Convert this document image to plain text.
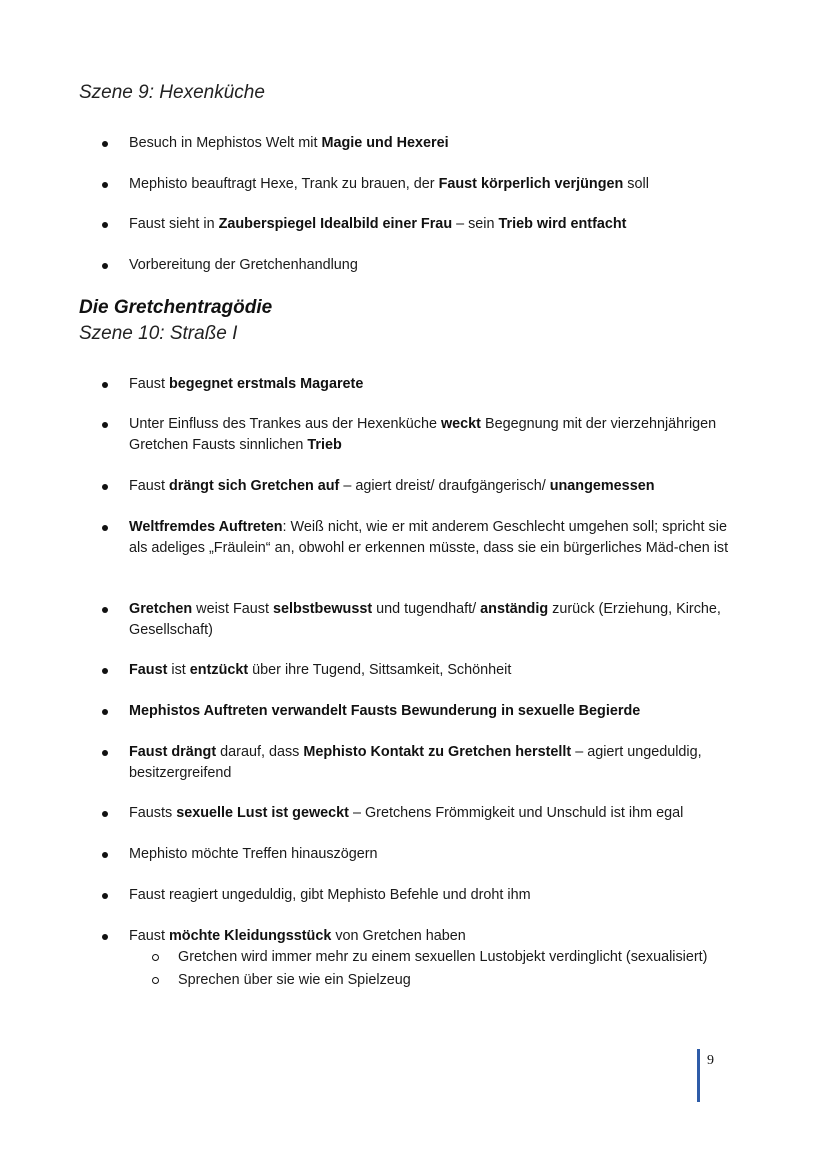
Szene 9: Hexenküche
Besuch in Mephistos Welt mit Magie und Hexerei
Mephisto beauftragt Hexe, Trank zu brauen, der Faust körperlich verjüngen soll
Faust sieht in Zauberspiegel Idealbild einer Frau – sein Trieb wird entfacht
Vorbereitung der Gretchenhandlung
Die Gretchentragödie
Szene 10: Straße I
Faust begegnet erstmals Magarete
Unter Einfluss des Trankes aus der Hexenküche weckt Begegnung mit der vierzehnjährigen Gretchen Fausts sinnlichen Trieb
Faust drängt sich Gretchen auf – agiert dreist/ draufgängerisch/ unangemessen
Weltfremdes Auftreten: Weiß nicht, wie er mit anderem Geschlecht umgehen soll; spricht sie als adeliges „Fräulein“ an, obwohl er erkennen müsste, dass sie ein bürgerliches Mäd-chen ist
Gretchen weist Faust selbstbewusst und tugendhaft/ anständig zurück (Erziehung, Kirche, Gesellschaft)
Faust ist entzückt über ihre Tugend, Sittsamkeit, Schönheit
Mephistos Auftreten verwandelt Fausts Bewunderung in sexuelle Begierde
Faust drängt darauf, dass Mephisto Kontakt zu Gretchen herstellt – agiert ungeduldig, besitzergreifend
Fausts sexuelle Lust ist geweckt – Gretchens Frömmigkeit und Unschuld ist ihm egal
Mephisto möchte Treffen hinauszögern
Faust reagiert ungeduldig, gibt Mephisto Befehle und droht ihm
Faust möchte Kleidungsstück von Gretchen haben
Gretchen wird immer mehr zu einem sexuellen Lustobjekt verdinglicht (sexualisiert)
Sprechen über sie wie ein Spielzeug
9
